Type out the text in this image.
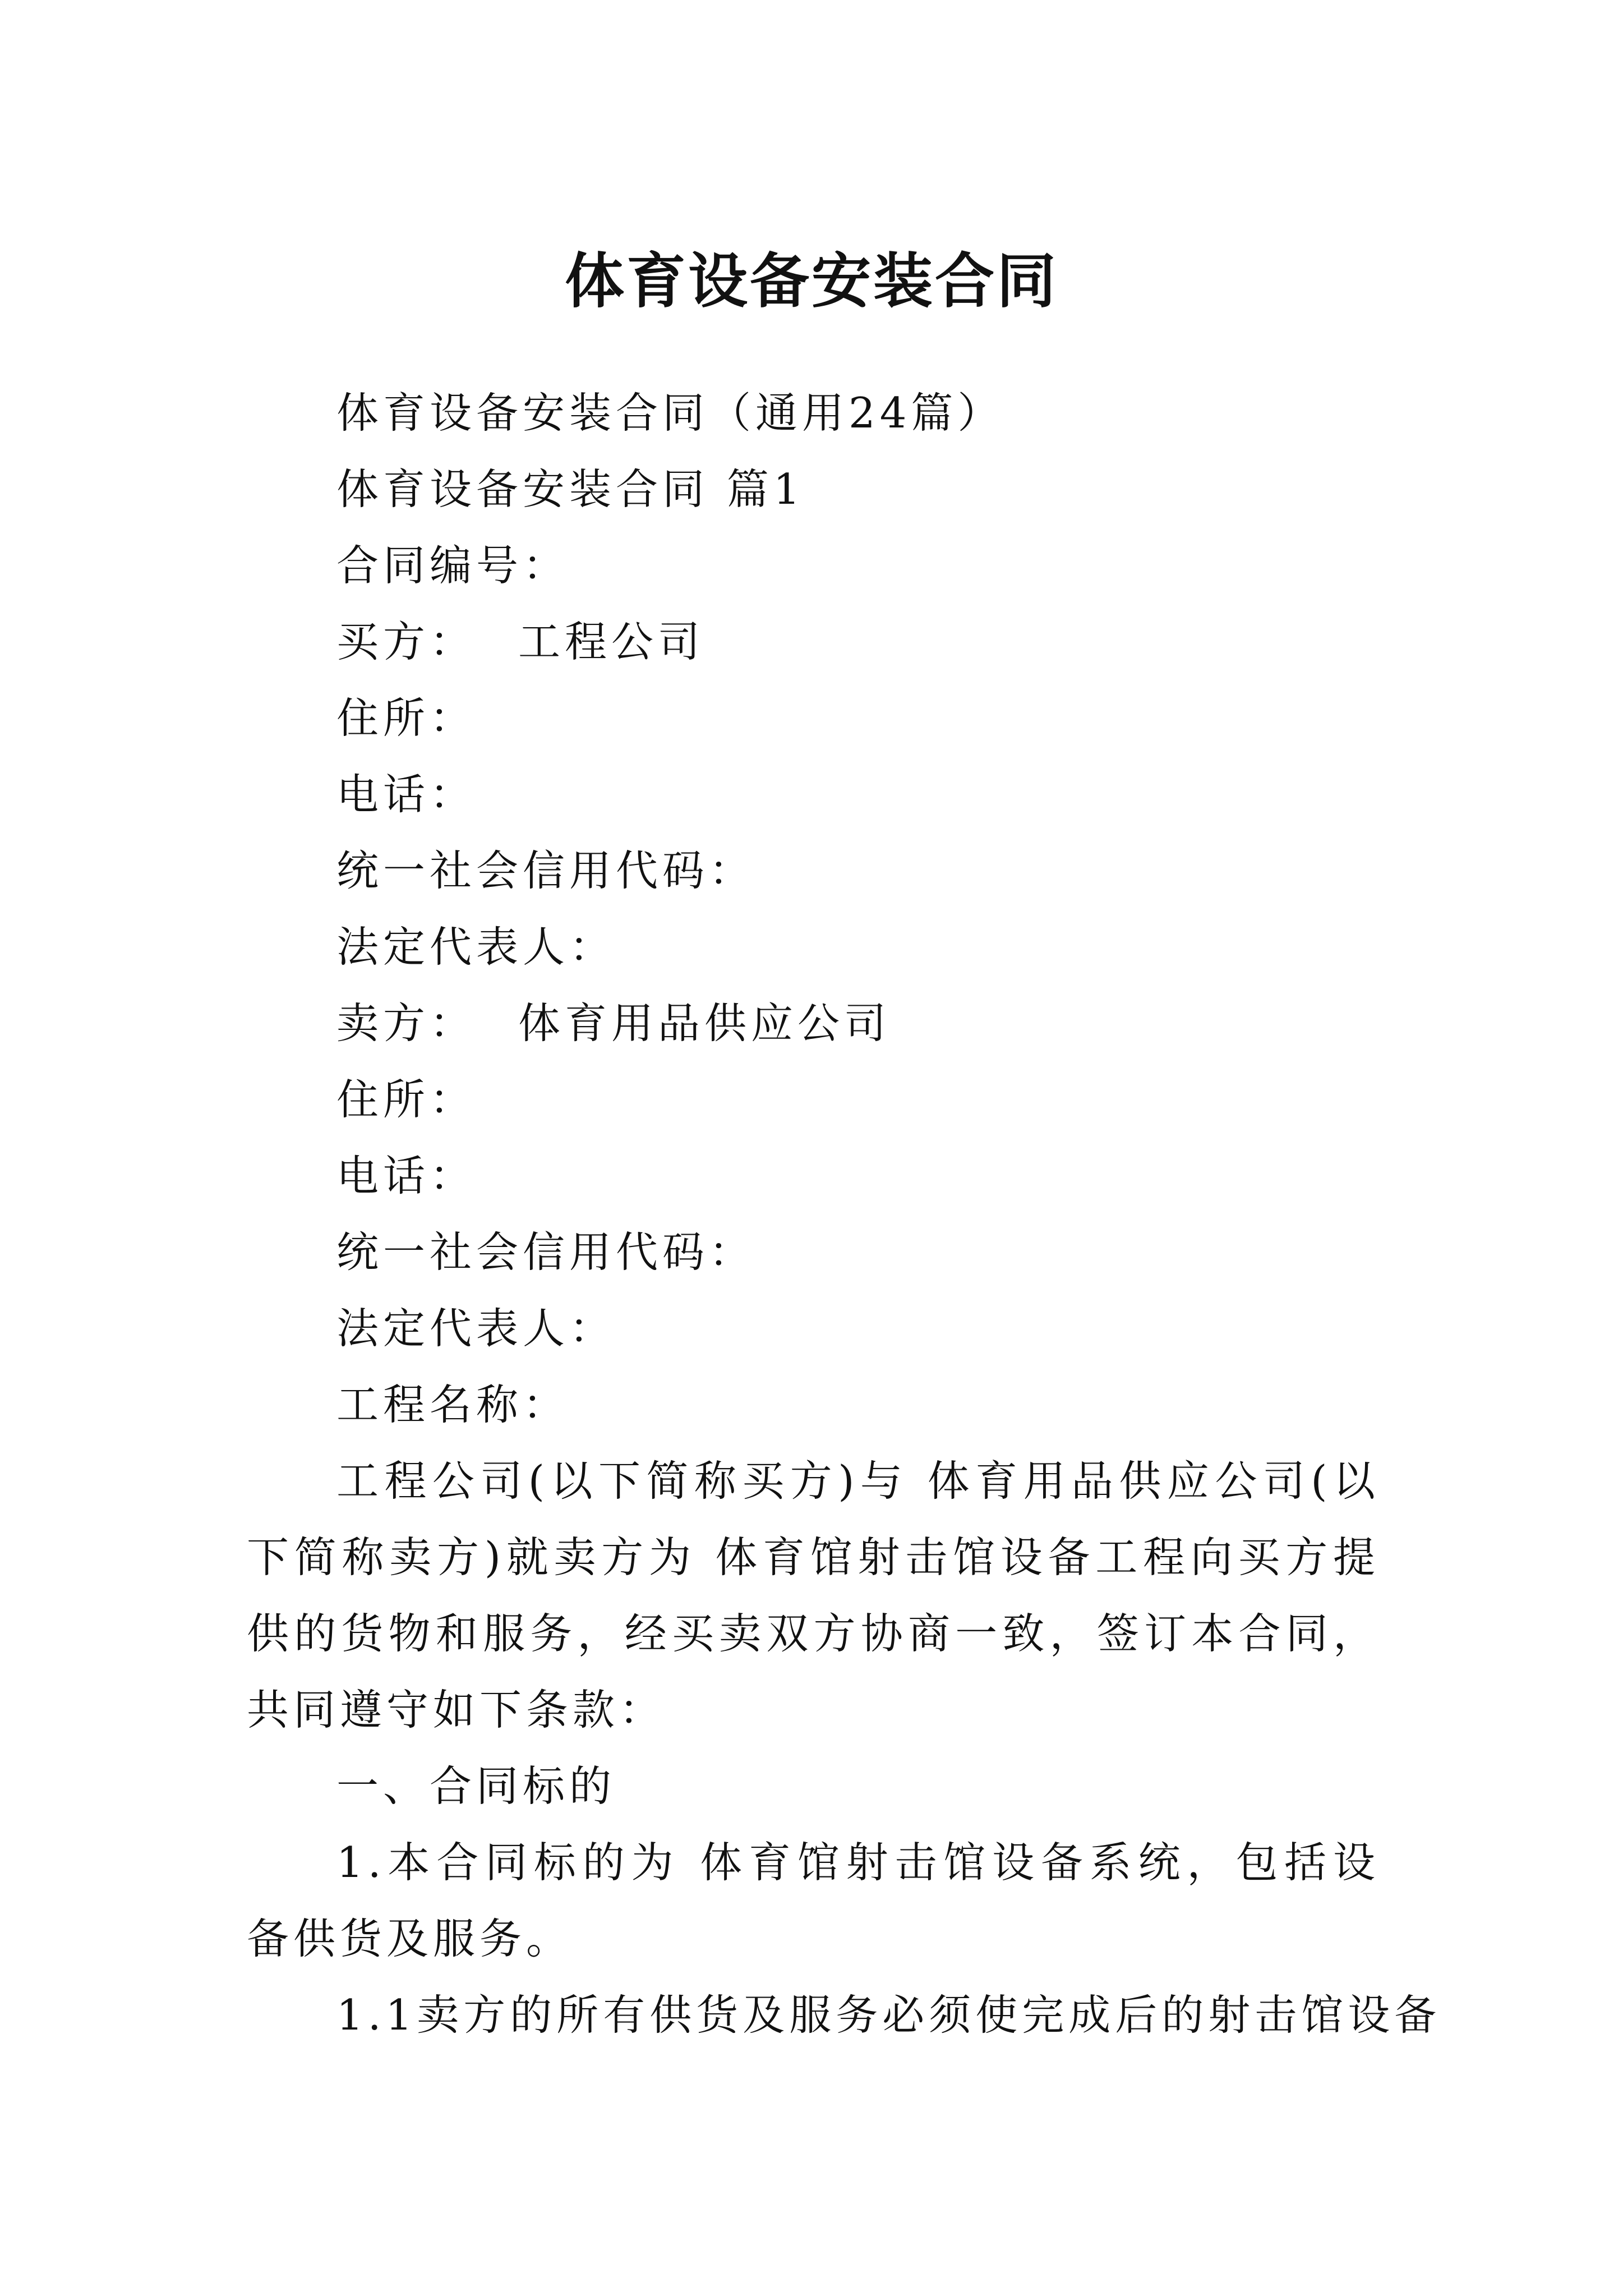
体育设备安装合同

体育设备安装合同（通用24篇）

体育设备安装合同 篇1

合同编号：

买方： 工程公司

住所：

电话：

统一社会信用代码：

法定代表人：

卖方： 体育用品供应公司

住所：

电话：

统一社会信用代码：

法定代表人：

工程名称：

工程公司(以下简称买方)与 体育用品供应公司(以下简称卖方)就卖方为 体育馆射击馆设备工程向买方提供的货物和服务，经买卖双方协商一致，签订本合同，共同遵守如下条款：

一、合同标的

1.本合同标的为 体育馆射击馆设备系统，包括设备供货及服务。

1.1卖方的所有供货及服务必须使完成后的射击馆设备
